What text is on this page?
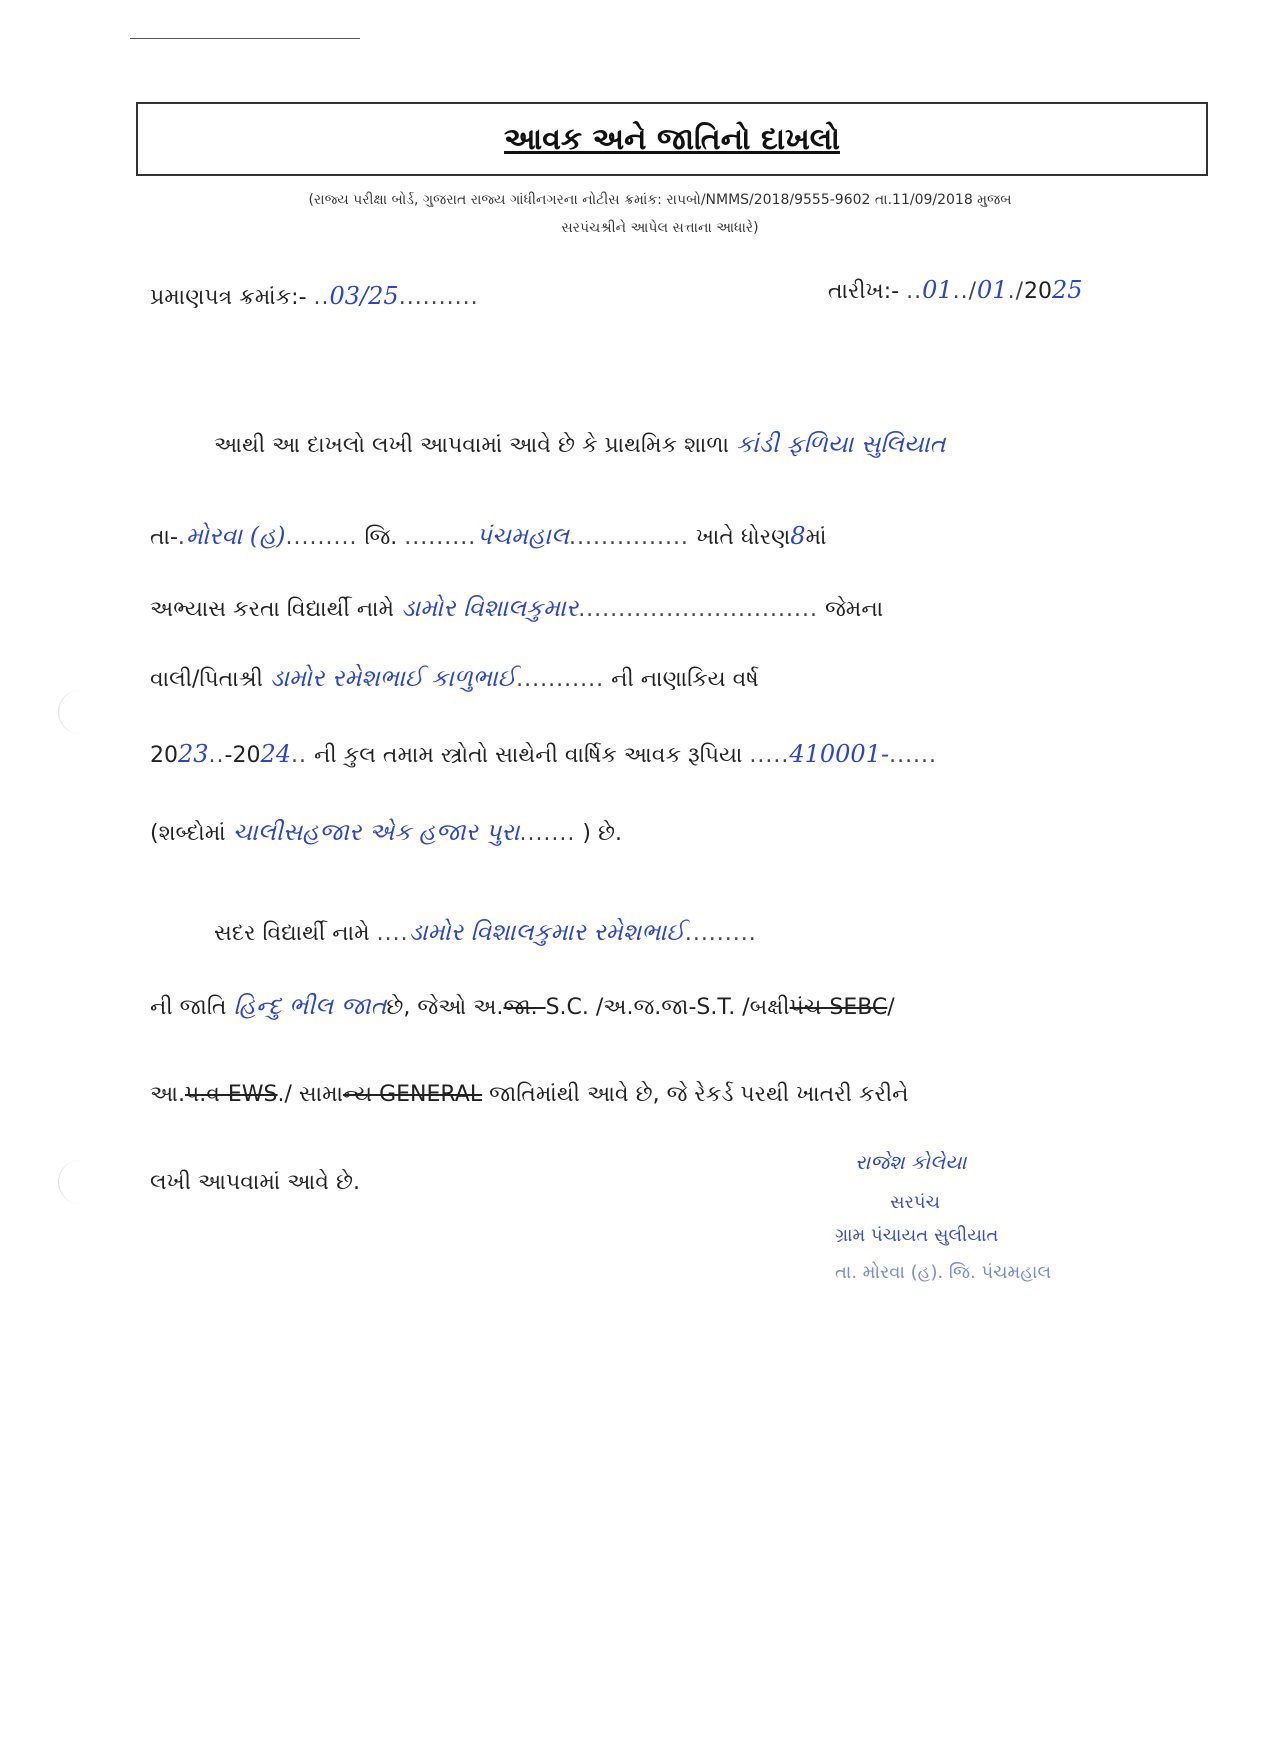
આવક અને જાતિનો દાખલો
(રાજ્ય પરીક્ષા બોર્ડ, ગુજરાત રાજ્ય ગાંધીનગરના નોટીસ ક્રમાંક: રાપબો/NMMS/2018/9555-9602 તા.11/09/2018 મુજબ
સરપંચશ્રીને આપેલ સત્તાના આધારે)
પ્રમાણપત્ર ક્રમાંક:- ..03/25..........	તારીખ:- ..01../01./2025
આથી આ દાખલો લખી આપવામાં આવે છે કે પ્રાથમિક શાળા કાંડી ફળિયા સુલિયાત
તા-.મોરવા (હ)......... જિ. .........પંચમહાલ............... ખાતે ધોરણ8માં
અભ્યાસ કરતા વિદ્યાર્થી નામે ડામોર વિશાલકુમાર.............................. જેમના
વાલી/પિતાશ્રી ડામોર રમેશભાઈ કાળુભાઈ........... ની નાણાકિય વર્ષ
2023..-2024.. ની કુલ તમામ સ્ત્રોતો સાથેની વાર્ષિક આવક રૂપિયા .....410001-......
(શબ્દોમાં ચાલીસહજાર એક હજાર પુરા....... ) છે.
સદર વિદ્યાર્થી નામે ....ડામોર વિશાલકુમાર રમેશભાઈ.........
ની જાતિ હિન્દુ ભીલ જાતછે, જેઓ અ.જા.-S.C. /અ.જ.જા-S.T. /બક્ષીપંચ-SEBC/
આ.પ.વ-EWS./ સામાન્ય GENERAL જાતિમાંથી આવે છે, જે રેકર્ડ પરથી ખાતરી કરીને
લખી આપવામાં આવે છે.
રાજેશ કોલેયા
સરપંચ
ગ્રામ પંચાયત સુલીયાત
તા. મોરવા (હ). જિ. પંચમહાલ
